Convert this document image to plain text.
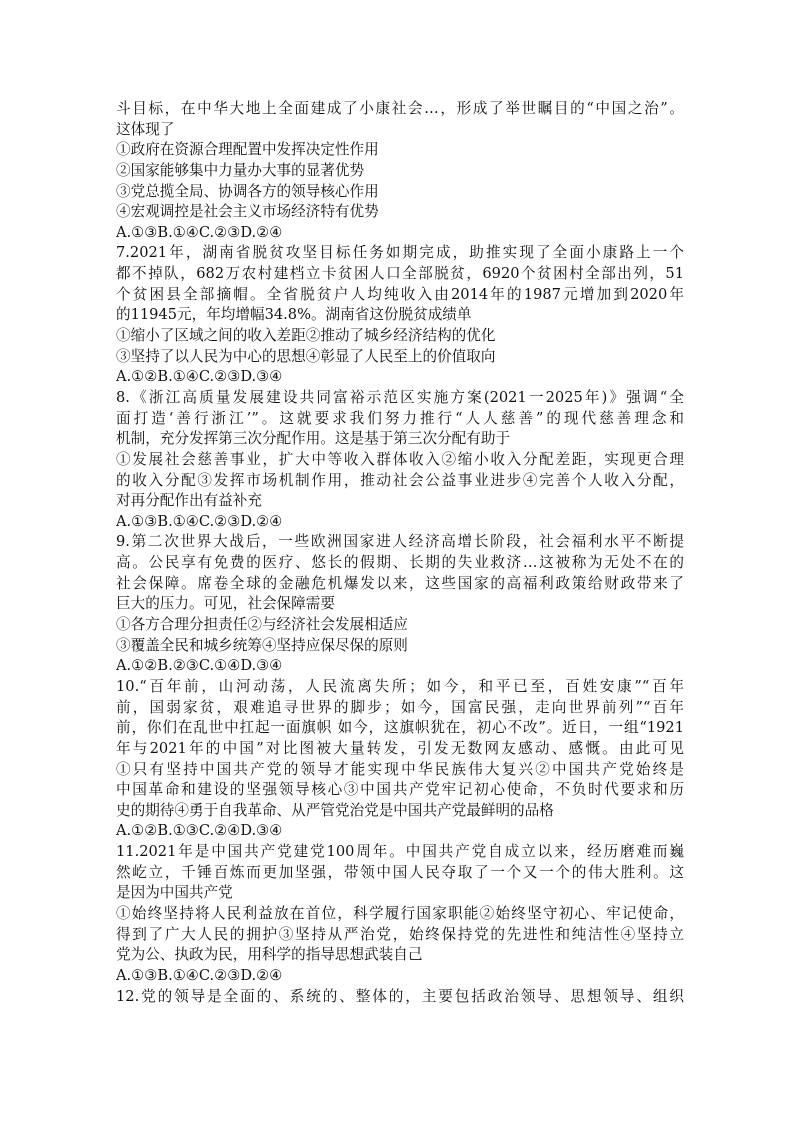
斗目标，在中华大地上全面建成了小康社会…，形成了举世瞩目的“中国之治”。
这体现了
①政府在资源合理配置中发挥决定性作用
②国家能够集中力量办大事的显著优势
③党总揽全局、协调各方的领导核心作用
④宏观调控是社会主义市场经济特有优势
A.①③B.①④C.②③D.②④
7.2021年，湖南省脱贫攻坚目标任务如期完成，助推实现了全面小康路上一个
都不掉队，682万农村建档立卡贫困人口全部脱贫，6920个贫困村全部出列，51
个贫困县全部摘帽。全省脱贫户人均纯收入由2014年的1987元增加到2020年
的11945元，年均增幅34.8%。湖南省这份脱贫成绩单
①缩小了区域之间的收入差距②推动了城乡经济结构的优化
③坚持了以人民为中心的思想④彰显了人民至上的价值取向
A.①②B.①④C.②③D.③④
8.《浙江高质量发展建设共同富裕示范区实施方案(2021一2025年)》强调“全
面打造‘善行浙江’”。这就要求我们努力推行“人人慈善”的现代慈善理念和
机制，充分发挥第三次分配作用。这是基于第三次分配有助于
①发展社会慈善事业，扩大中等收入群体收入②缩小收入分配差距，实现更合理
的收入分配③发挥市场机制作用，推动社会公益事业进步④完善个人收入分配，
对再分配作出有益补充
A.①③B.①④C.②③D.②④
9.第二次世界大战后，一些欧洲国家进人经济高增长阶段，社会福利水平不断提
高。公民享有免费的医疗、悠长的假期、长期的失业救济…这被称为无处不在的
社会保障。席卷全球的金融危机爆发以来，这些国家的高福利政策给财政带来了
巨大的压力。可见，社会保障需要
①各方合理分担责任②与经济社会发展相适应
③覆盖全民和城乡统筹④坚持应保尽保的原则
A.①②B.②③C.①④D.③④
10.“百年前，山河动荡，人民流离失所；如今，和平已至，百姓安康”“百年
前，国弱家贫，艰难追寻世界的脚步；如今，国富民强，走向世界前列”“百年
前，你们在乱世中扛起一面旗帜 如今，这旗帜犹在，初心不改”。近日，一组“1921
年与2021年的中国”对比图被大量转发，引发无数网友感动、感慨。由此可见
①只有坚持中国共产党的领导才能实现中华民族伟大复兴②中国共产党始终是
中国革命和建设的坚强领导核心③中国共产党牢记初心使命，不负时代要求和历
史的期待④勇于自我革命、从严管党治党是中国共产党最鲜明的品格
A.①②B.①③C.②④D.③④
11.2021年是中国共产党建党100周年。中国共产党自成立以来，经历磨难而巍
然屹立，千锤百炼而更加坚强，带领中国人民夺取了一个又一个的伟大胜利。这
是因为中国共产党
①始终坚持将人民利益放在首位，科学履行国家职能②始终坚守初心、牢记使命，
得到了广大人民的拥护③坚持从严治党，始终保持党的先进性和纯洁性④坚持立
党为公、执政为民，用科学的指导思想武装自己
A.①③B.①④C.②③D.②④
12.党的领导是全面的、系统的、整体的，主要包括政治领导、思想领导、组织
